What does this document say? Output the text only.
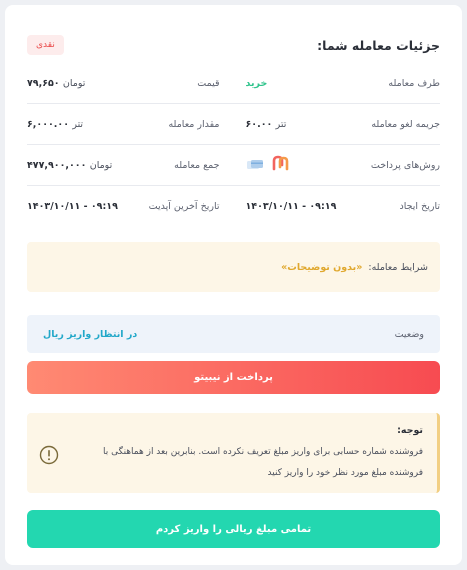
جزئیات معامله شما:
نقدی
طرف معامله
خرید
قیمت
۷۹,۶۵۰ تومان
جریمه لغو معامله
۶۰.۰۰ تتر
مقدار معامله
۶,۰۰۰.۰۰ تتر
روش‌های پرداخت
جمع معامله
۴۷۷,۹۰۰,۰۰۰ تومان
تاریخ ایجاد
۱۴۰۳/۱۰/۱۱ - ۰۹:۱۹
تاریخ آخرین آپدیت
۱۴۰۳/۱۰/۱۱ - ۰۹:۱۹
شرایط معامله:
«بدون توضیحات»
وضعیت
در انتظار واریز ریال
پرداخت از نیبیتو
توجه:
فروشنده شماره حسابی برای واریز مبلغ تعریف نکرده است. بنابرین بعد از هماهنگی با
فروشنده مبلغ مورد نظر خود را واریز کنید
تمامی مبلغ ریالی را واریز کردم
